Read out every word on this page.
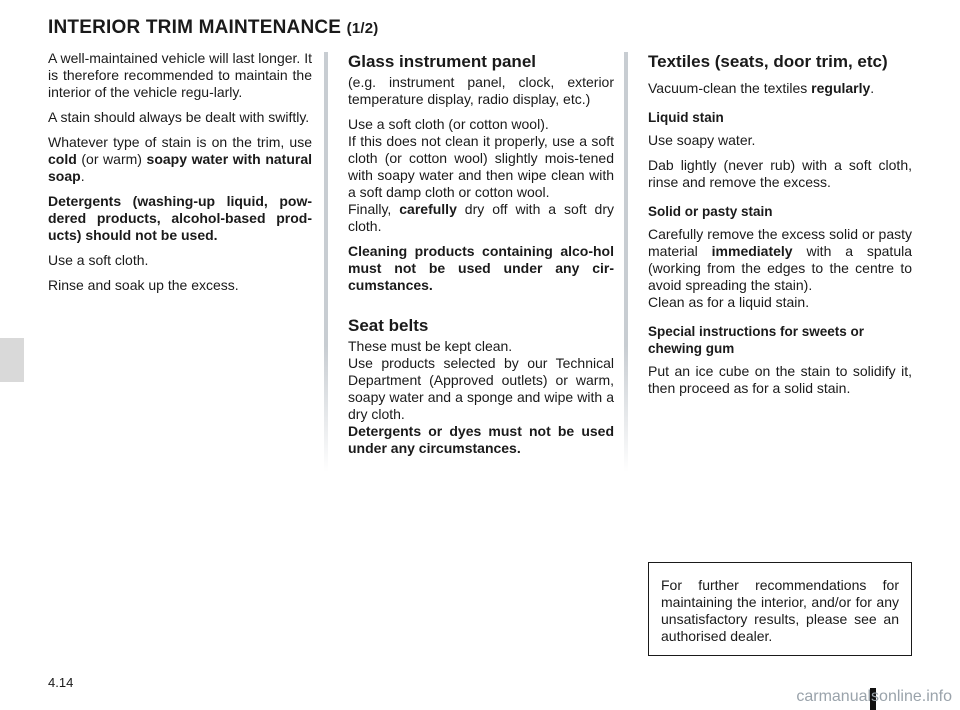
INTERIOR TRIM MAINTENANCE (1/2)

A well-maintained vehicle will last longer. It is therefore recommended to maintain the interior of the vehicle regu-larly.

A stain should always be dealt with swiftly.

Whatever type of stain is on the trim, use cold (or warm) soapy water with natural soap.

Detergents (washing-up liquid, pow-dered products, alcohol-based prod-ucts) should not be used.

Use a soft cloth.

Rinse and soak up the excess.

Glass instrument panel

(e.g. instrument panel, clock, exterior temperature display, radio display, etc.)

Use a soft cloth (or cotton wool).
If this does not clean it properly, use a soft cloth (or cotton wool) slightly mois-tened with soapy water and then wipe clean with a soft damp cloth or cotton wool.
Finally, carefully dry off with a soft dry cloth.

Cleaning products containing alco-hol must not be used under any cir-cumstances.

Seat belts

These must be kept clean.
Use products selected by our Technical Department (Approved outlets) or warm, soapy water and a sponge and wipe with a dry cloth.
Detergents or dyes must not be used under any circumstances.

Textiles (seats, door trim, etc)

Vacuum-clean the textiles regularly.

Liquid stain

Use soapy water.

Dab lightly (never rub) with a soft cloth, rinse and remove the excess.

Solid or pasty stain

Carefully remove the excess solid or pasty material immediately with a spatula (working from the edges to the centre to avoid spreading the stain).
Clean as for a liquid stain.

Special instructions for sweets or chewing gum

Put an ice cube on the stain to solidify it, then proceed as for a solid stain.

For further recommendations for maintaining the interior, and/or for any unsatisfactory results, please see an authorised dealer.

4.14
carmanualsonline.info
